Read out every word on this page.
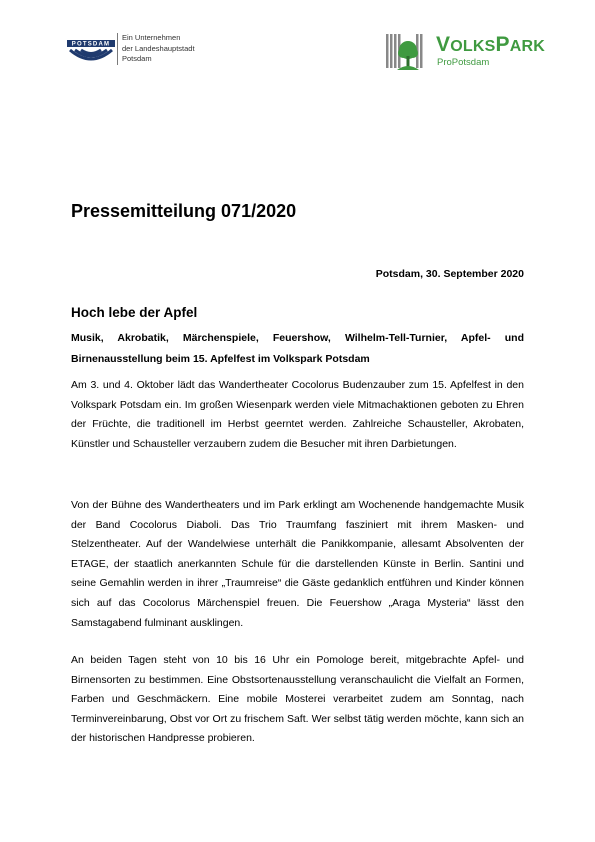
POTSDAM
Ein Unternehmen
der Landeshauptstadt
Potsdam
VOLKSPARK
ProPotsdam
Pressemitteilung 071/2020
Potsdam, 30. September 2020
Hoch lebe der Apfel
Musik, Akrobatik, Märchenspiele, Feuershow, Wilhelm-Tell-Turnier, Apfel- und Birnenausstellung beim 15. Apfelfest im Volkspark Potsdam
Am 3. und 4. Oktober lädt das Wandertheater Cocolorus Budenzauber zum 15. Apfelfest in den Volkspark Potsdam ein. Im großen Wiesenpark werden viele Mitmachaktionen geboten zu Ehren der Früchte, die traditionell im Herbst geerntet werden. Zahlreiche Schausteller, Akrobaten, Künstler und Schausteller verzaubern zudem die Besucher mit ihren Darbietungen.
Von der Bühne des Wandertheaters und im Park erklingt am Wochenende handgemachte Musik der Band Cocolorus Diaboli. Das Trio Traumfang fasziniert mit ihrem Masken- und Stelzentheater. Auf der Wandelwiese unterhält die Panikkompanie, allesamt Absolventen der ETAGE, der staatlich anerkannten Schule für die darstellenden Künste in Berlin. Santini und seine Gemahlin werden in ihrer „Traumreise“ die Gäste gedanklich entführen und Kinder können sich auf das Cocolorus Märchenspiel freuen. Die Feuershow „Araga Mysteria“ lässt den Samstagabend fulminant ausklingen.
An beiden Tagen steht von 10 bis 16 Uhr ein Pomologe bereit, mitgebrachte Apfel- und Birnensorten zu bestimmen. Eine Obstsortenausstellung veranschaulicht die Vielfalt an Formen, Farben und Geschmäckern. Eine mobile Mosterei verarbeitet zudem am Sonntag, nach Terminvereinbarung, Obst vor Ort zu frischem Saft. Wer selbst tätig werden möchte, kann sich an der historischen Handpresse probieren.
